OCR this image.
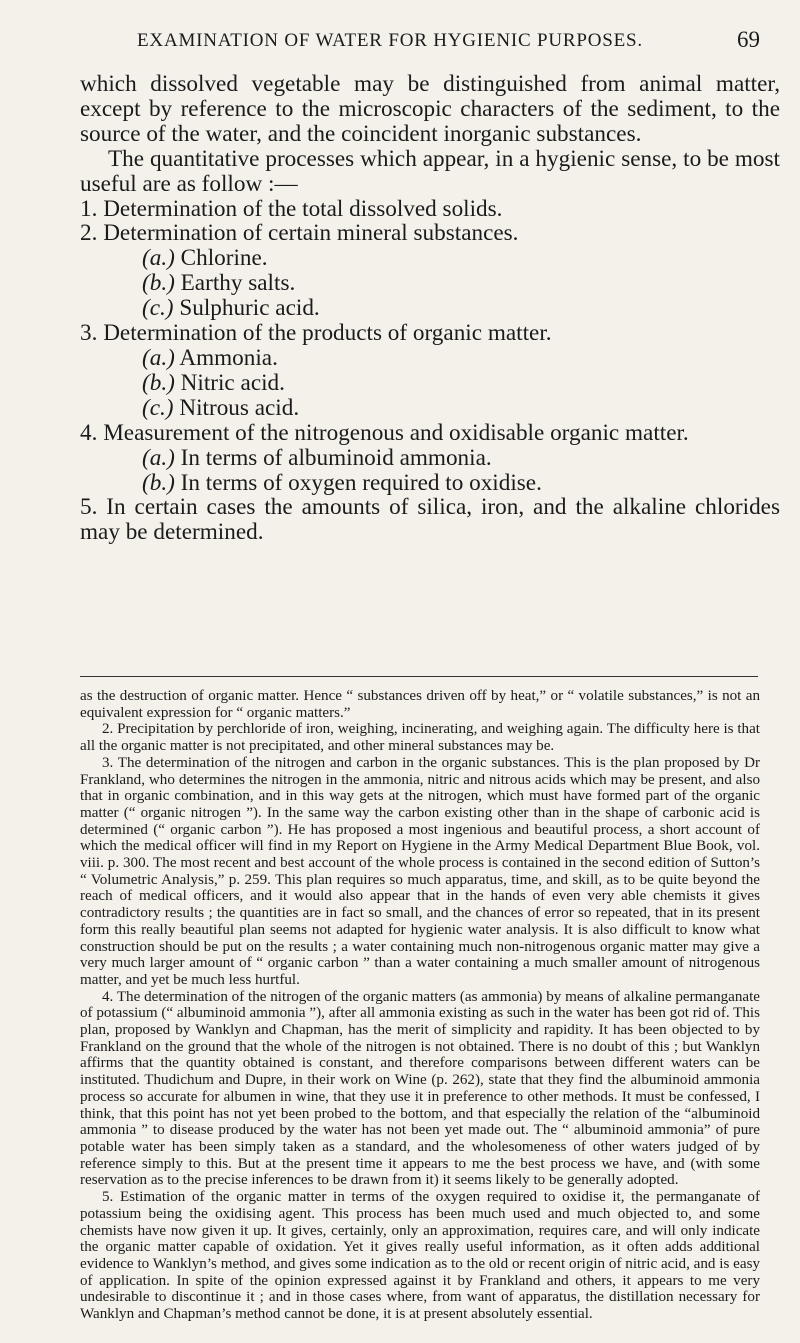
EXAMINATION OF WATER FOR HYGIENIC PURPOSES.	69

which dissolved vegetable may be distinguished from animal matter, except by reference to the microscopic characters of the sediment, to the source of the water, and the coincident inorganic substances.

The quantitative processes which appear, in a hygienic sense, to be most useful are as follow :—

1. Determination of the total dissolved solids.

2. Determination of certain mineral substances.

(a.) Chlorine.

(b.) Earthy salts.

(c.) Sulphuric acid.

3. Determination of the products of organic matter.

(a.) Ammonia.

(b.) Nitric acid.

(c.) Nitrous acid.

4. Measurement of the nitrogenous and oxidisable organic matter.

(a.) In terms of albuminoid ammonia.

(b.) In terms of oxygen required to oxidise.

5. In certain cases the amounts of silica, iron, and the alkaline chlorides may be determined.

as the destruction of organic matter. Hence “ substances driven off by heat,” or “ volatile substances,” is not an equivalent expression for “ organic matters.”

2. Precipitation by perchloride of iron, weighing, incinerating, and weighing again. The difficulty here is that all the organic matter is not precipitated, and other mineral substances may be.

3. The determination of the nitrogen and carbon in the organic substances. This is the plan proposed by Dr Frankland, who determines the nitrogen in the ammonia, nitric and nitrous acids which may be present, and also that in organic combination, and in this way gets at the nitrogen, which must have formed part of the organic matter (“ organic nitrogen ”). In the same way the carbon existing other than in the shape of carbonic acid is determined (“ organic carbon ”). He has proposed a most ingenious and beautiful process, a short account of which the medical officer will find in my Report on Hygiene in the Army Medical Department Blue Book, vol. viii. p. 300. The most recent and best account of the whole process is contained in the second edition of Sutton’s “ Volumetric Analysis,” p. 259. This plan requires so much apparatus, time, and skill, as to be quite beyond the reach of medical officers, and it would also appear that in the hands of even very able chemists it gives contradictory results ; the quantities are in fact so small, and the chances of error so repeated, that in its present form this really beautiful plan seems not adapted for hygienic water analysis. It is also difficult to know what construction should be put on the results ; a water containing much non-nitrogenous organic matter may give a very much larger amount of “ organic carbon ” than a water containing a much smaller amount of nitrogenous matter, and yet be much less hurtful.

4. The determination of the nitrogen of the organic matters (as ammonia) by means of alkaline permanganate of potassium (“ albuminoid ammonia ”), after all ammonia existing as such in the water has been got rid of. This plan, proposed by Wanklyn and Chapman, has the merit of simplicity and rapidity. It has been objected to by Frankland on the ground that the whole of the nitrogen is not obtained. There is no doubt of this ; but Wanklyn affirms that the quantity obtained is constant, and therefore comparisons between different waters can be instituted. Thudichum and Dupre, in their work on Wine (p. 262), state that they find the albuminoid ammonia process so accurate for albumen in wine, that they use it in preference to other methods. It must be confessed, I think, that this point has not yet been probed to the bottom, and that especially the relation of the “albuminoid ammonia ” to disease produced by the water has not been yet made out. The “ albuminoid ammonia” of pure potable water has been simply taken as a standard, and the wholesomeness of other waters judged of by reference simply to this. But at the present time it appears to me the best process we have, and (with some reservation as to the precise inferences to be drawn from it) it seems likely to be generally adopted.

5. Estimation of the organic matter in terms of the oxygen required to oxidise it, the permanganate of potassium being the oxidising agent. This process has been much used and much objected to, and some chemists have now given it up. It gives, certainly, only an approximation, requires care, and will only indicate the organic matter capable of oxidation. Yet it gives really useful information, as it often adds additional evidence to Wanklyn’s method, and gives some indication as to the old or recent origin of nitric acid, and is easy of application. In spite of the opinion expressed against it by Frankland and others, it appears to me very undesirable to discontinue it ; and in those cases where, from want of apparatus, the distillation necessary for Wanklyn and Chapman’s method cannot be done, it is at present absolutely essential.
